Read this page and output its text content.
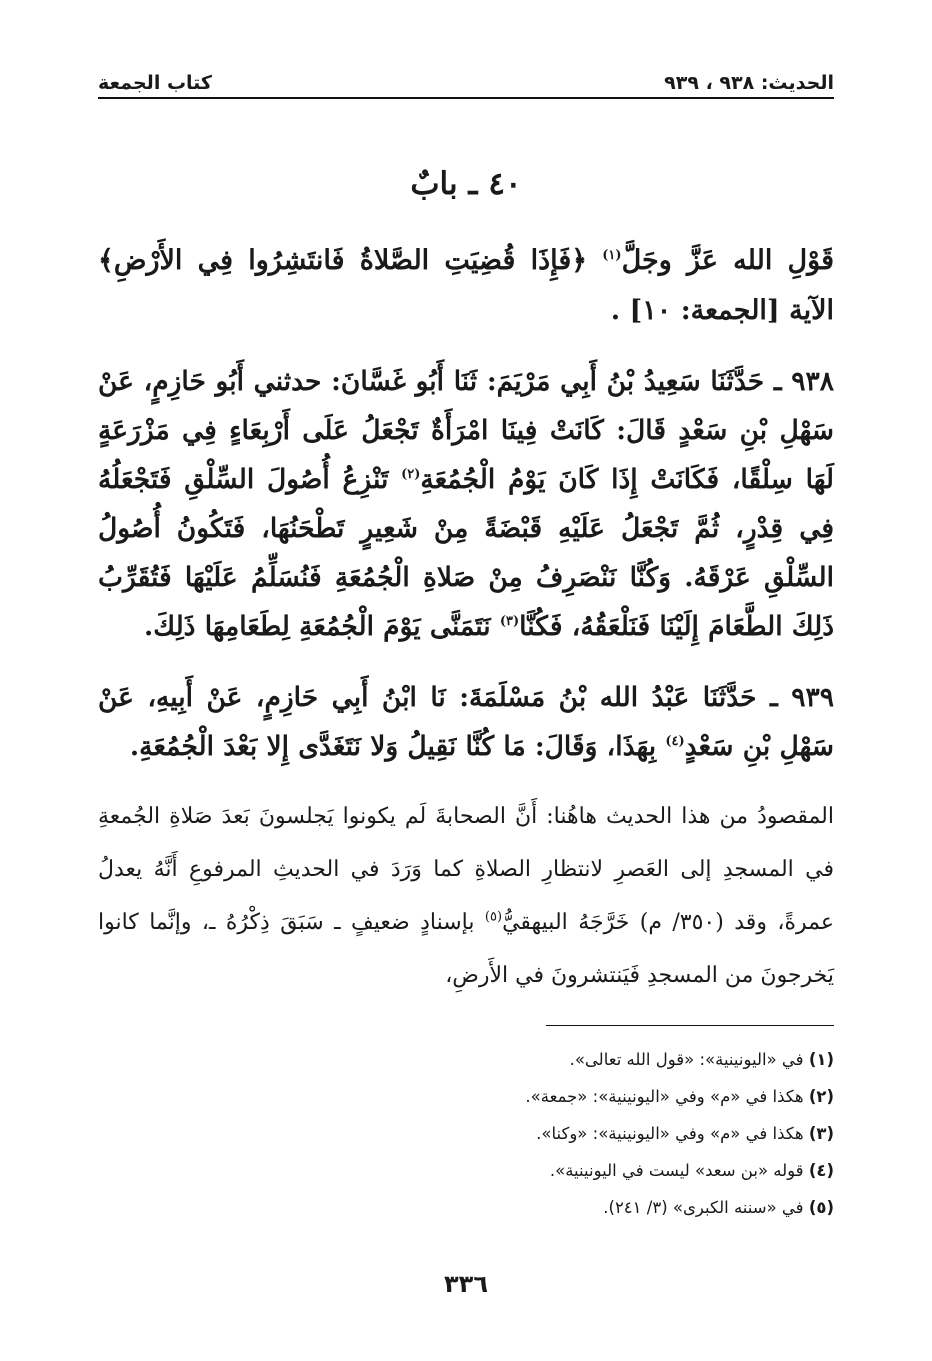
الحديث: ٩٣٨ ، ٩٣٩
كتاب الجمعة
٤٠ ـ بابٌ
قَوْلِ الله عَزَّ وجَلَّ$^{(١)}$ ﴿فَإِذَا قُضِيَتِ الصَّلاةُ فَانتَشِرُوا فِي الأَرْضِ﴾ الآية [الجمعة: ١٠] .
٩٣٨ ـ حَدَّثَنَا سَعِيدُ بْنُ أَبِي مَرْيَمَ: ثَنَا أَبُو غَسَّانَ: حدثني أَبُو حَازِمٍ، عَنْ سَهْلِ بْنِ سَعْدٍ قَالَ: كَانَتْ فِينَا امْرَأَةٌ تَجْعَلُ عَلَى أَرْبِعَاءٍ فِي مَزْرَعَةٍ لَهَا سِلْقًا، فَكَانَتْ إِذَا كَانَ يَوْمُ الْجُمُعَةِ$^{(٢)}$ تَنْزِعُ أُصُولَ السِّلْقِ فَتَجْعَلُهُ فِي قِدْرٍ، ثُمَّ تَجْعَلُ عَلَيْهِ قَبْضَةً مِنْ شَعِيرٍ تَطْحَنُهَا، فَتَكُونُ أُصُولُ السِّلْقِ عَرْقَهُ. وَكُنَّا نَنْصَرِفُ مِنْ صَلاةِ الْجُمُعَةِ فَنُسَلِّمُ عَلَيْهَا فَتُقَرِّبُ ذَلِكَ الطَّعَامَ إِلَيْنَا فَنَلْعَقُهُ، فَكُنَّا$^{(٣)}$ نَتَمَنَّى يَوْمَ الْجُمُعَةِ لِطَعَامِهَا ذَلِكَ.
٩٣٩ ـ حَدَّثَنَا عَبْدُ الله بْنُ مَسْلَمَةَ: نَا ابْنُ أَبِي حَازِمٍ، عَنْ أَبِيهِ، عَنْ سَهْلِ بْنِ سَعْدٍ$^{(٤)}$ بِهَذَا، وَقَالَ: مَا كُنَّا نَقِيلُ وَلا نَتَغَدَّى إِلا بَعْدَ الْجُمُعَةِ.
المقصودُ من هذا الحديث هاهُنا: أَنَّ الصحابةَ لَم يكونوا يَجلسونَ بَعدَ صَلاةِ الجُمعةِ في المسجدِ إلى العَصرِ لانتظارِ الصلاةِ كما وَرَدَ في الحديثِ المرفوعِ أَنَّهُ يعدلُ عمرةً، وقد (٣٥٠/ م) خَرَّجَهُ البيهقيُّ$^{(٥)}$ بإسنادٍ ضعيفٍ ـ سَبَقَ ذِكْرُهُ ـ، وإنَّما كانوا يَخرجونَ من المسجدِ فَيَنتشرونَ في الأَرضِ،
(١) في «اليونينية»: «قول الله تعالى».
(٢) هكذا في «م» وفي «اليونينية»: «جمعة».
(٣) هكذا في «م» وفي «اليونينية»: «وكنا».
(٤) قوله «بن سعد» ليست في اليونينية».
(٥) في «سننه الكبرى» (٣/ ٢٤١).
٣٣٦
